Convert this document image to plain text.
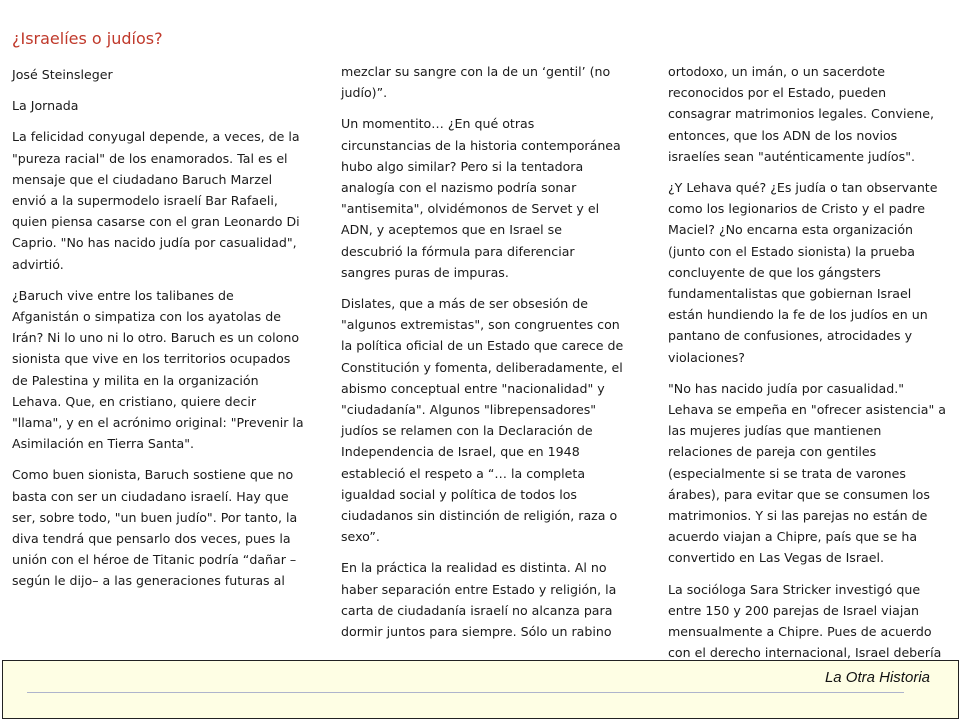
¿Israelíes o judíos?

José Steinsleger

La Jornada

La felicidad conyugal depende, a veces, de la "pureza racial" de los enamorados. Tal es el mensaje que el ciudadano Baruch Marzel envió a la supermodelo israelí Bar Rafaeli, quien piensa casarse con el gran Leonardo Di Caprio. "No has nacido judía por casualidad", advirtió.

¿Baruch vive entre los talibanes de Afganistán o simpatiza con los ayatolas de Irán? Ni lo uno ni lo otro. Baruch es un colono sionista que vive en los territorios ocupados de Palestina y milita en la organización Lehava. Que, en cristiano, quiere decir "llama", y en el acrónimo original: "Prevenir la Asimilación en Tierra Santa".

Como buen sionista, Baruch sostiene que no basta con ser un ciudadano israelí. Hay que ser, sobre todo, "un buen judío". Por tanto, la diva tendrá que pensarlo dos veces, pues la unión con el héroe de Titanic podría “dañar – según le dijo– a las generaciones futuras al

mezclar su sangre con la de un ‘gentil’ (no judío)”.

Un momentito… ¿En qué otras circunstancias de la historia contemporánea hubo algo similar? Pero si la tentadora analogía con el nazismo podría sonar "antisemita", olvidémonos de Servet y el ADN, y aceptemos que en Israel se descubrió la fórmula para diferenciar sangres puras de impuras.

Dislates, que a más de ser obsesión de "algunos extremistas", son congruentes con la política oficial de un Estado que carece de Constitución y fomenta, deliberadamente, el abismo conceptual entre "nacionalidad" y "ciudadanía". Algunos "librepensadores" judíos se relamen con la Declaración de Independencia de Israel, que en 1948 estableció el respeto a “… la completa igualdad social y política de todos los ciudadanos sin distinción de religión, raza o sexo”.

En la práctica la realidad es distinta. Al no haber separación entre Estado y religión, la carta de ciudadanía israelí no alcanza para dormir juntos para siempre. Sólo un rabino

ortodoxo, un imán, o un sacerdote reconocidos por el Estado, pueden consagrar matrimonios legales. Conviene, entonces, que los ADN de los novios israelíes sean "auténticamente judíos".

¿Y Lehava qué? ¿Es judía o tan observante como los legionarios de Cristo y el padre Maciel? ¿No encarna esta organización (junto con el Estado sionista) la prueba concluyente de que los gángsters fundamentalistas que gobiernan Israel están hundiendo la fe de los judíos en un pantano de confusiones, atrocidades y violaciones?

"No has nacido judía por casualidad." Lehava se empeña en "ofrecer asistencia" a las mujeres judías que mantienen relaciones de pareja con gentiles (especialmente si se trata de varones árabes), para evitar que se consumen los matrimonios. Y si las parejas no están de acuerdo viajan a Chipre, país que se ha convertido en Las Vegas de Israel.

La socióloga Sara Stricker investigó que entre 150 y 200 parejas de Israel viajan mensualmente a Chipre. Pues de acuerdo con el derecho internacional, Israel debería

La Otra Historia
